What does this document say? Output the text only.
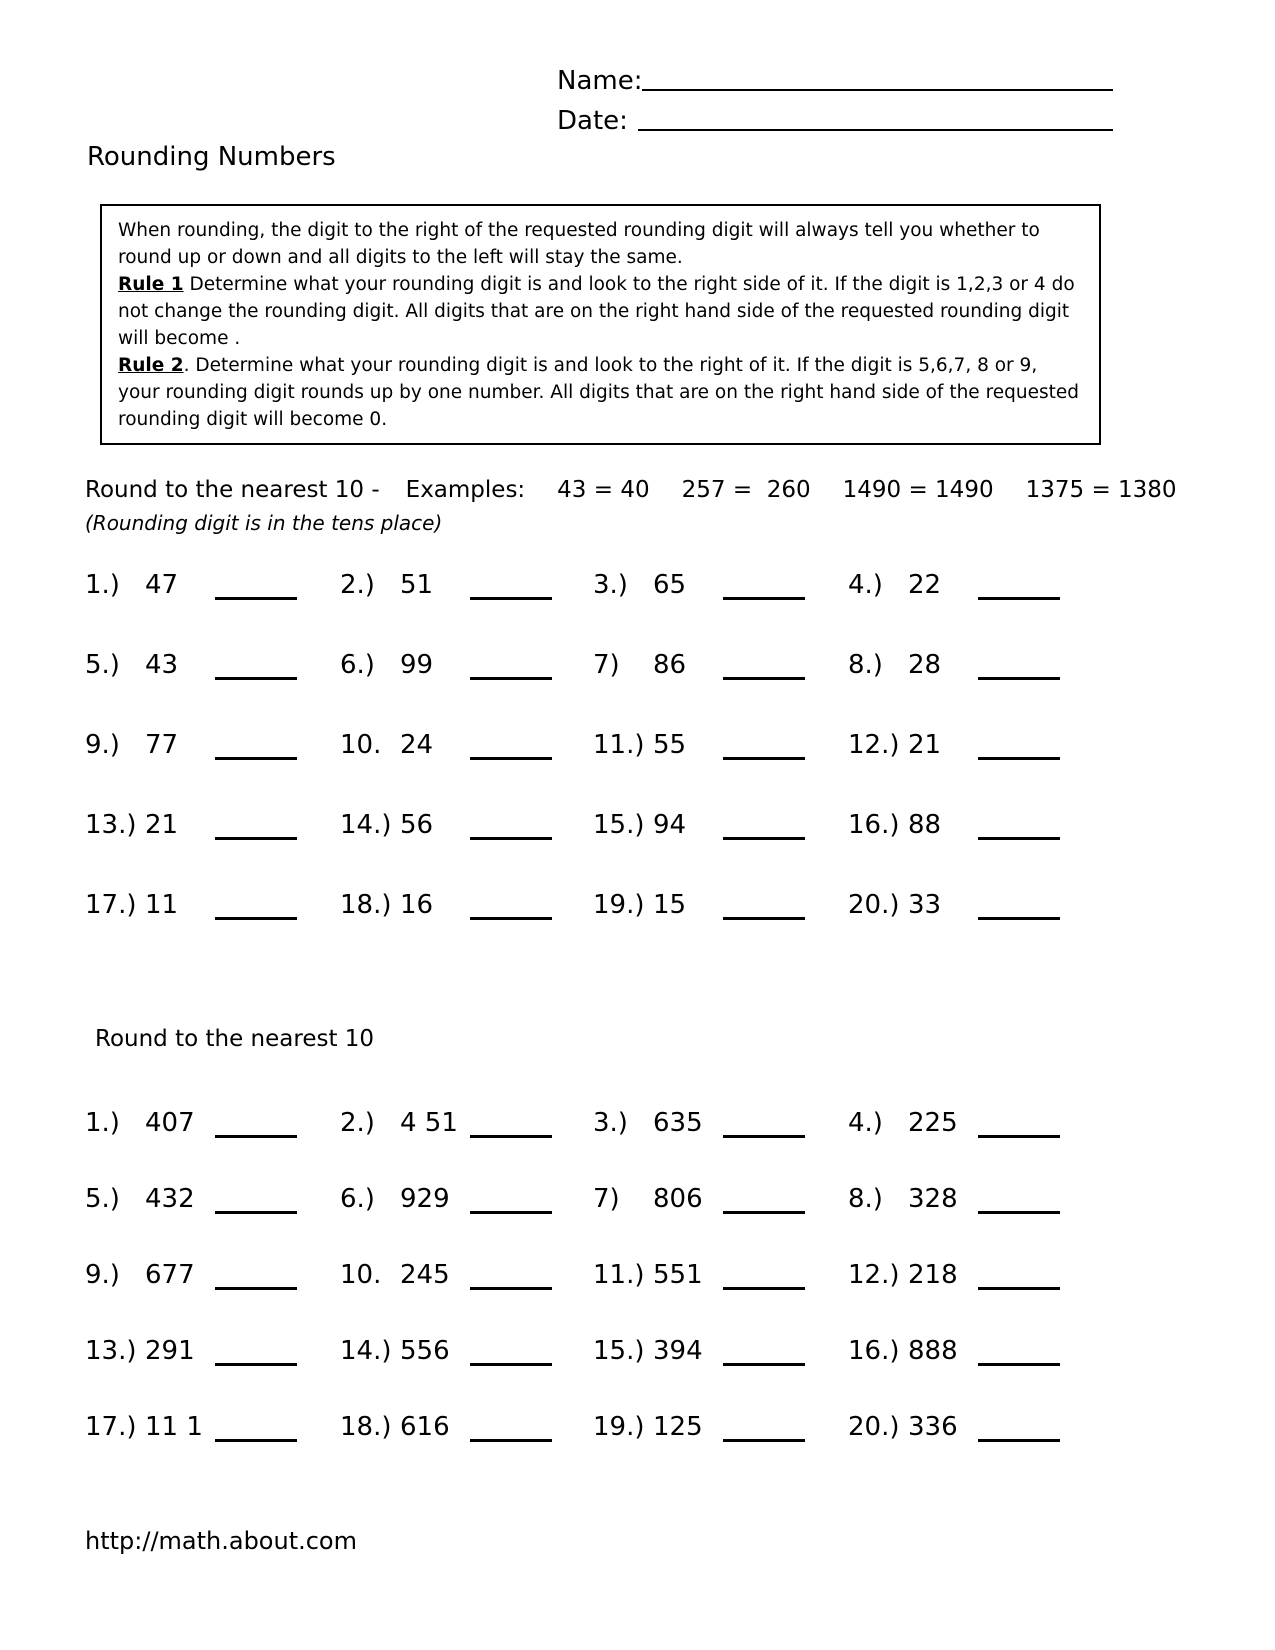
Name:
Date:
Rounding Numbers

When rounding, the digit to the right of the requested rounding digit will always tell you whether to round up or down and all digits to the left will stay the same.

Rule 1 Determine what your rounding digit is and look to the right side of it. If the digit is 1,2,3 or 4 do not change the rounding digit. All digits that are on the right hand side of the requested rounding digit will become .

Rule 2. Determine what your rounding digit is and look to the right of it. If the digit is 5,6,7, 8 or 9, your rounding digit rounds up by one number. All digits that are on the right hand side of the requested rounding digit will become 0.

Round to the nearest 10 - Examples: 43 = 40 257 =  260 1490 = 1490 1375 = 1380
(Rounding digit is in the tens place)
1.) 47	2.) 51	3.) 65	4.) 22
5.) 43	6.) 99	7)	86	8.) 28
9.) 77	10. 24	11.) 55	12.) 21
13.) 21	14.) 56	15.) 94	16.) 88
17.) 11	18.) 16	19.) 15	20.) 33
Round to the nearest 10
1.) 407	2.) 4 51	3.) 635	4.) 225
5.) 432	6.) 929	7)	806	8.) 328
9.) 677	10. 245	11.) 551	12.) 218
13.) 291	14.) 556	15.) 394	16.) 888
17.) 11 1	18.) 616	19.) 125	20.) 336
http://math.about.com
